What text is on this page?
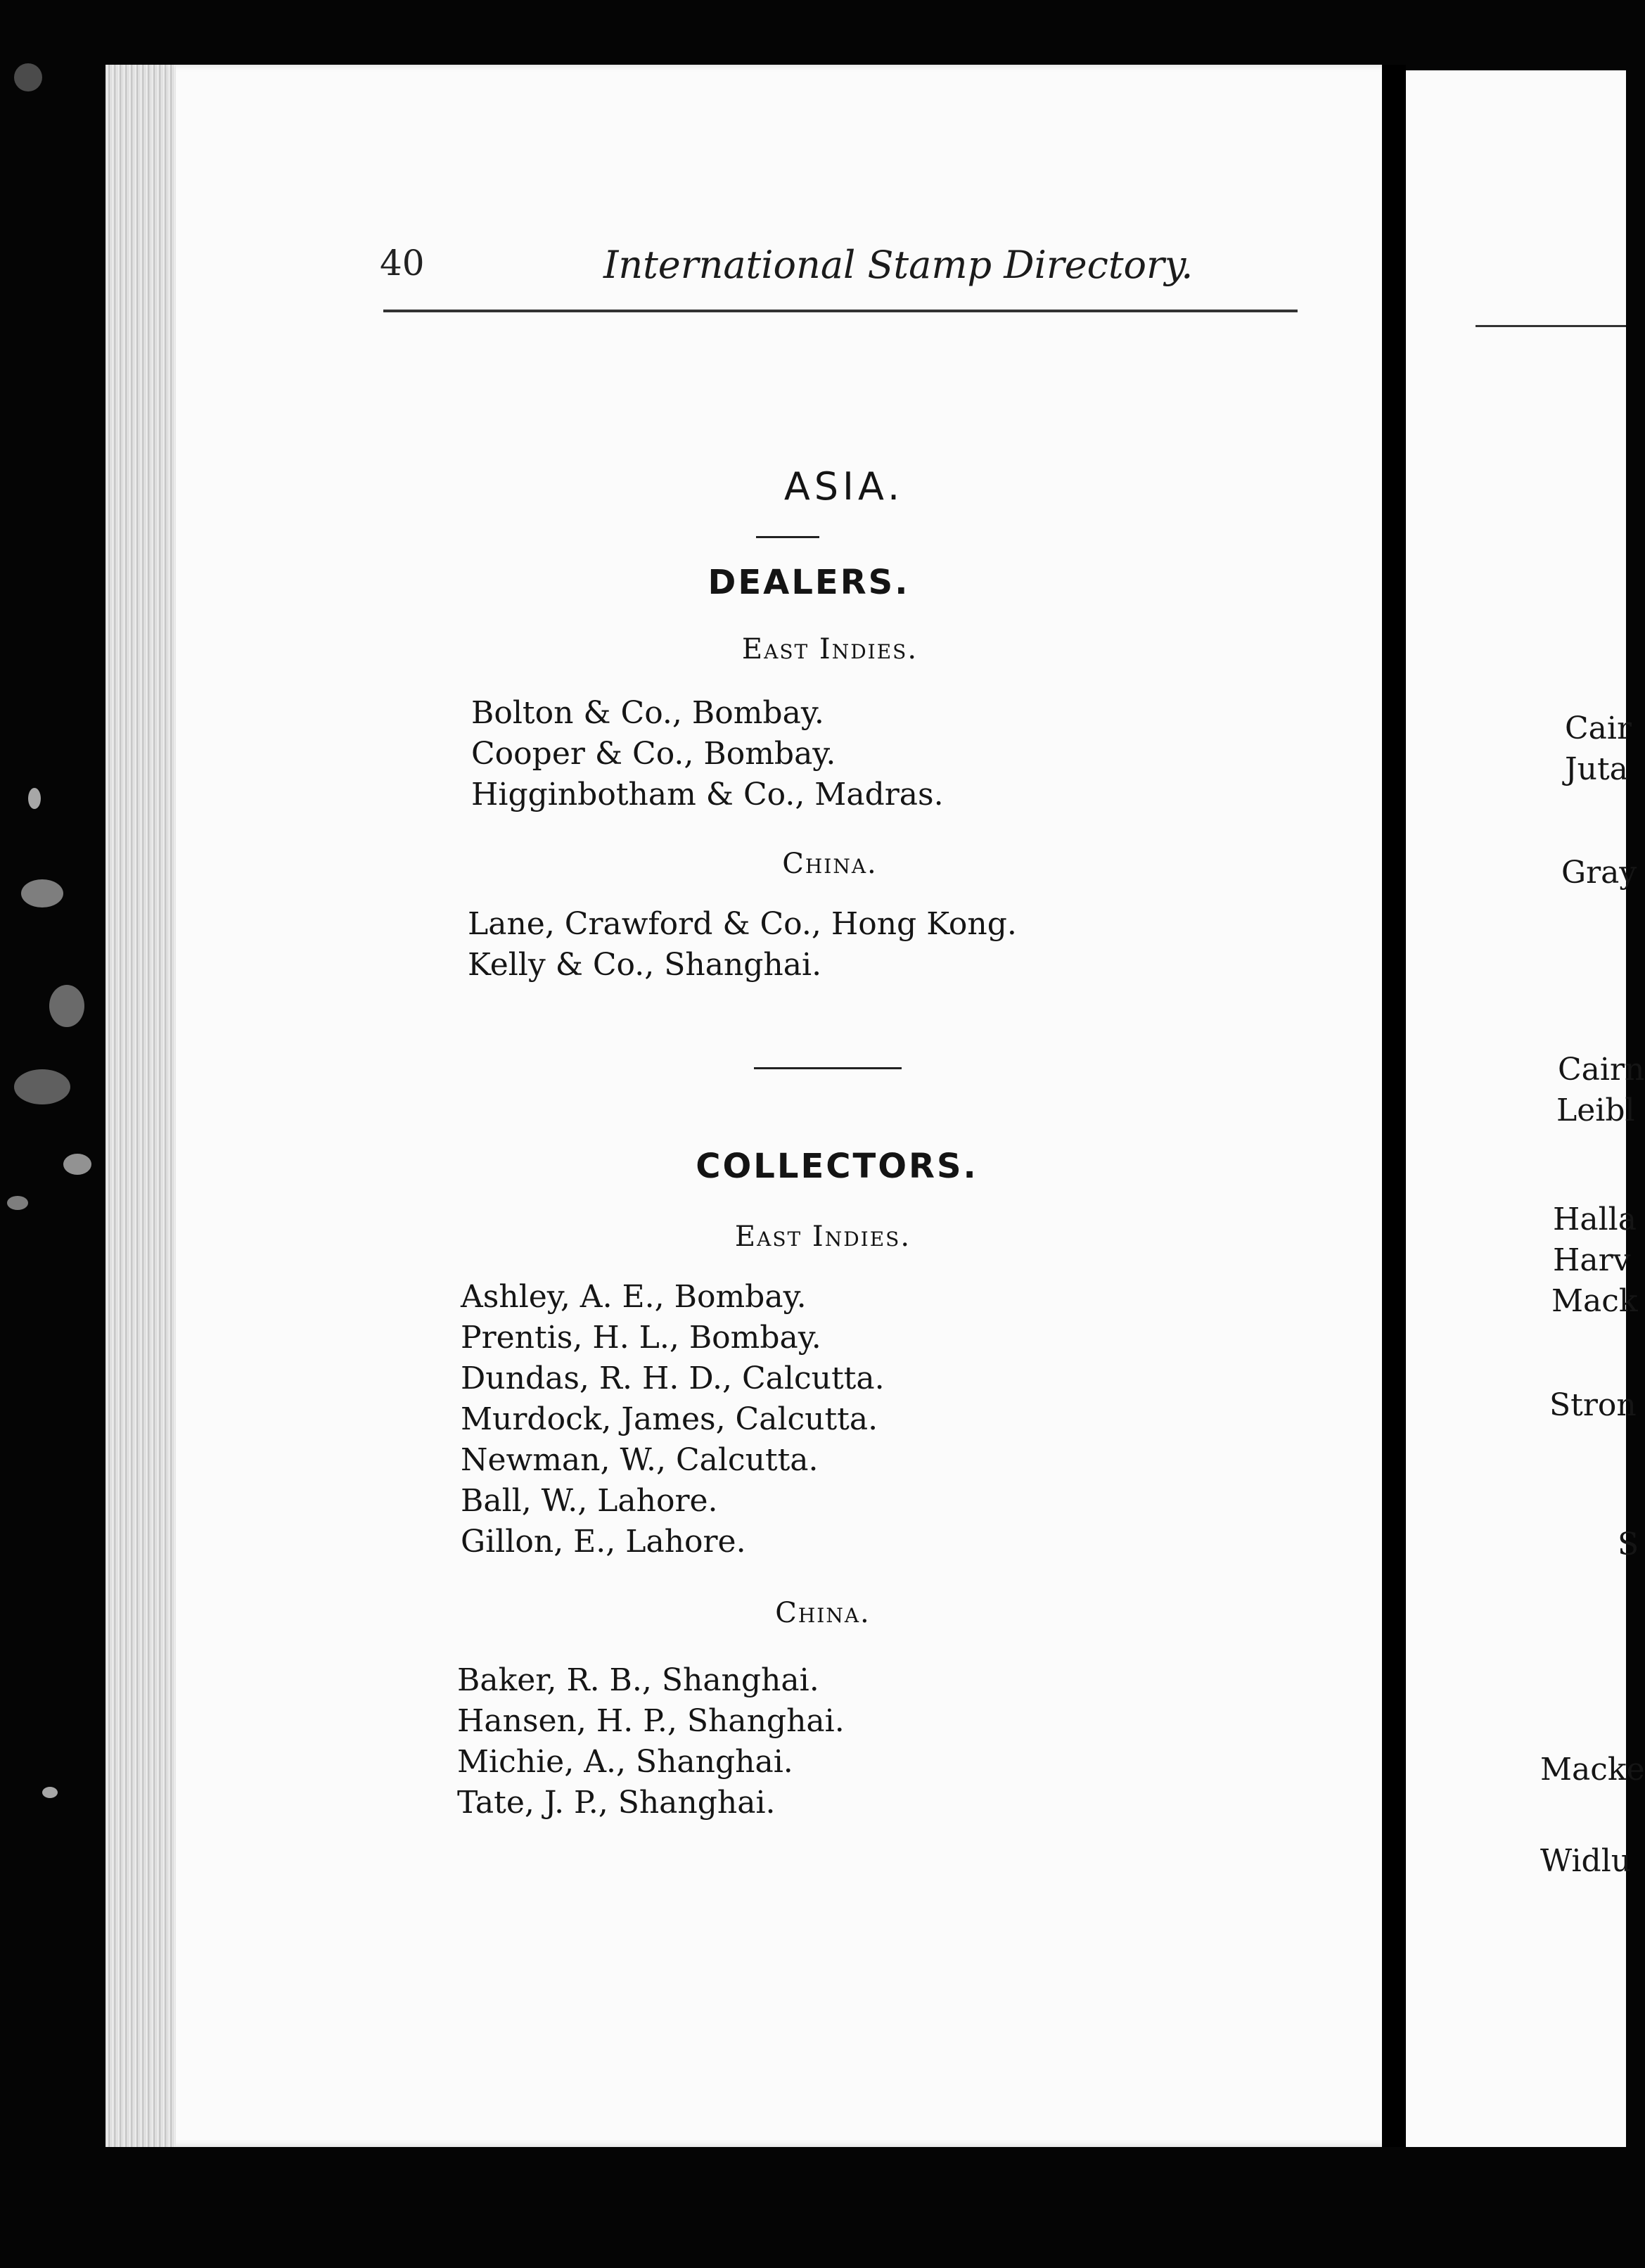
40	International Stamp Directory.
ASIA.
DEALERS.
East Indies.
Bolton & Co., Bombay.
Cooper & Co., Bombay.
Higginbotham & Co., Madras.
China.
Lane, Crawford & Co., Hong Kong.
Kelly & Co., Shanghai.
COLLECTORS.
East Indies.
Ashley, A. E., Bombay.
Prentis, H. L., Bombay.
Dundas, R. H. D., Calcutta.
Murdock, James, Calcutta.
Newman, W., Calcutta.
Ball, W., Lahore.
Gillon, E., Lahore.
China.
Baker, R. B., Shanghai.
Hansen, H. P., Shanghai.
Michie, A., Shanghai.
Tate, J. P., Shanghai.
Cair
Juta
Gray
Cairn
Leibl
Halla
Harv
Mack
Stron
S
Macke
Widlu
